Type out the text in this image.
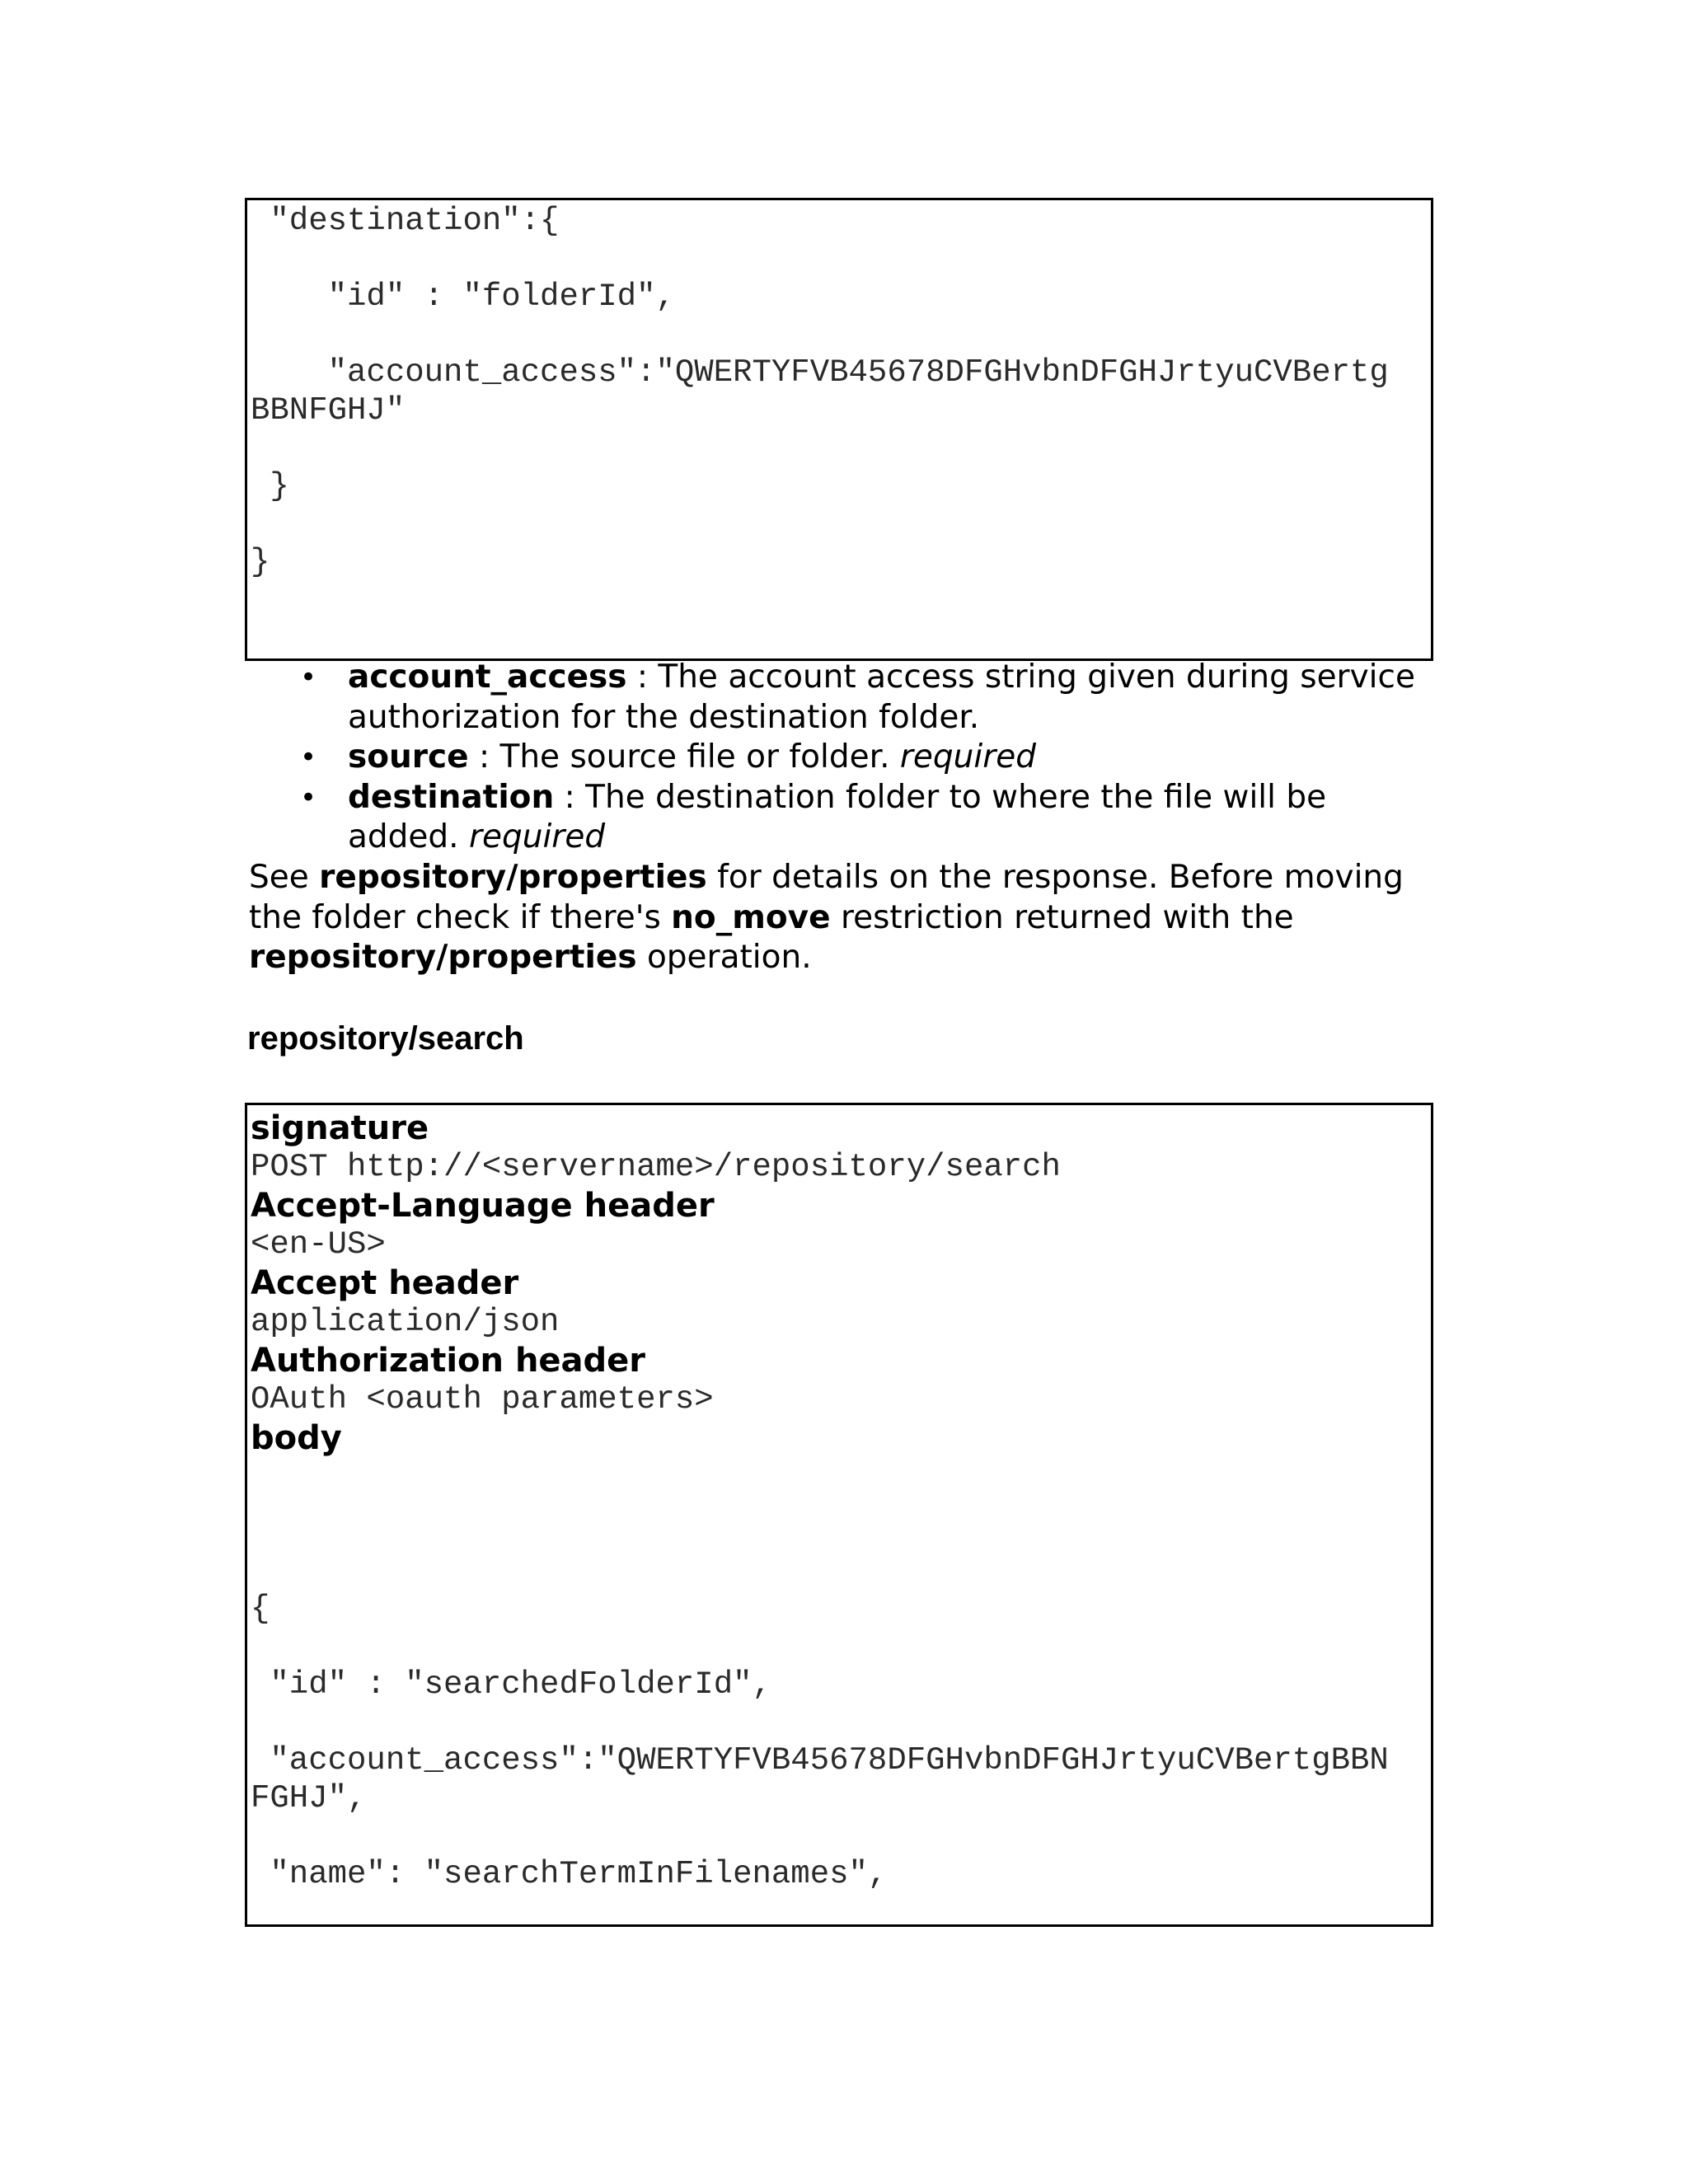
"destination":{
"id" : "folderId",
"account_access":"QWERTYFVB45678DFGHvbnDFGHJrtyuCVBertg
BBNFGHJ"
}
}
• account_access : The account access string given during service authorization for the destination folder.
• source : The source file or folder. required
• destination : The destination folder to where the file will be added. required
See repository/properties for details on the response. Before moving the folder check if there's no_move restriction returned with the repository/properties operation.
repository/search
signature
POST http://<servername>/repository/search
Accept-Language header
<en-US>
Accept header
application/json
Authorization header
OAuth <oauth parameters>
body
{
"id" : "searchedFolderId",
"account_access":"QWERTYFVB45678DFGHvbnDFGHJrtyuCVBertgBBN
FGHJ",
"name": "searchTermInFilenames",
